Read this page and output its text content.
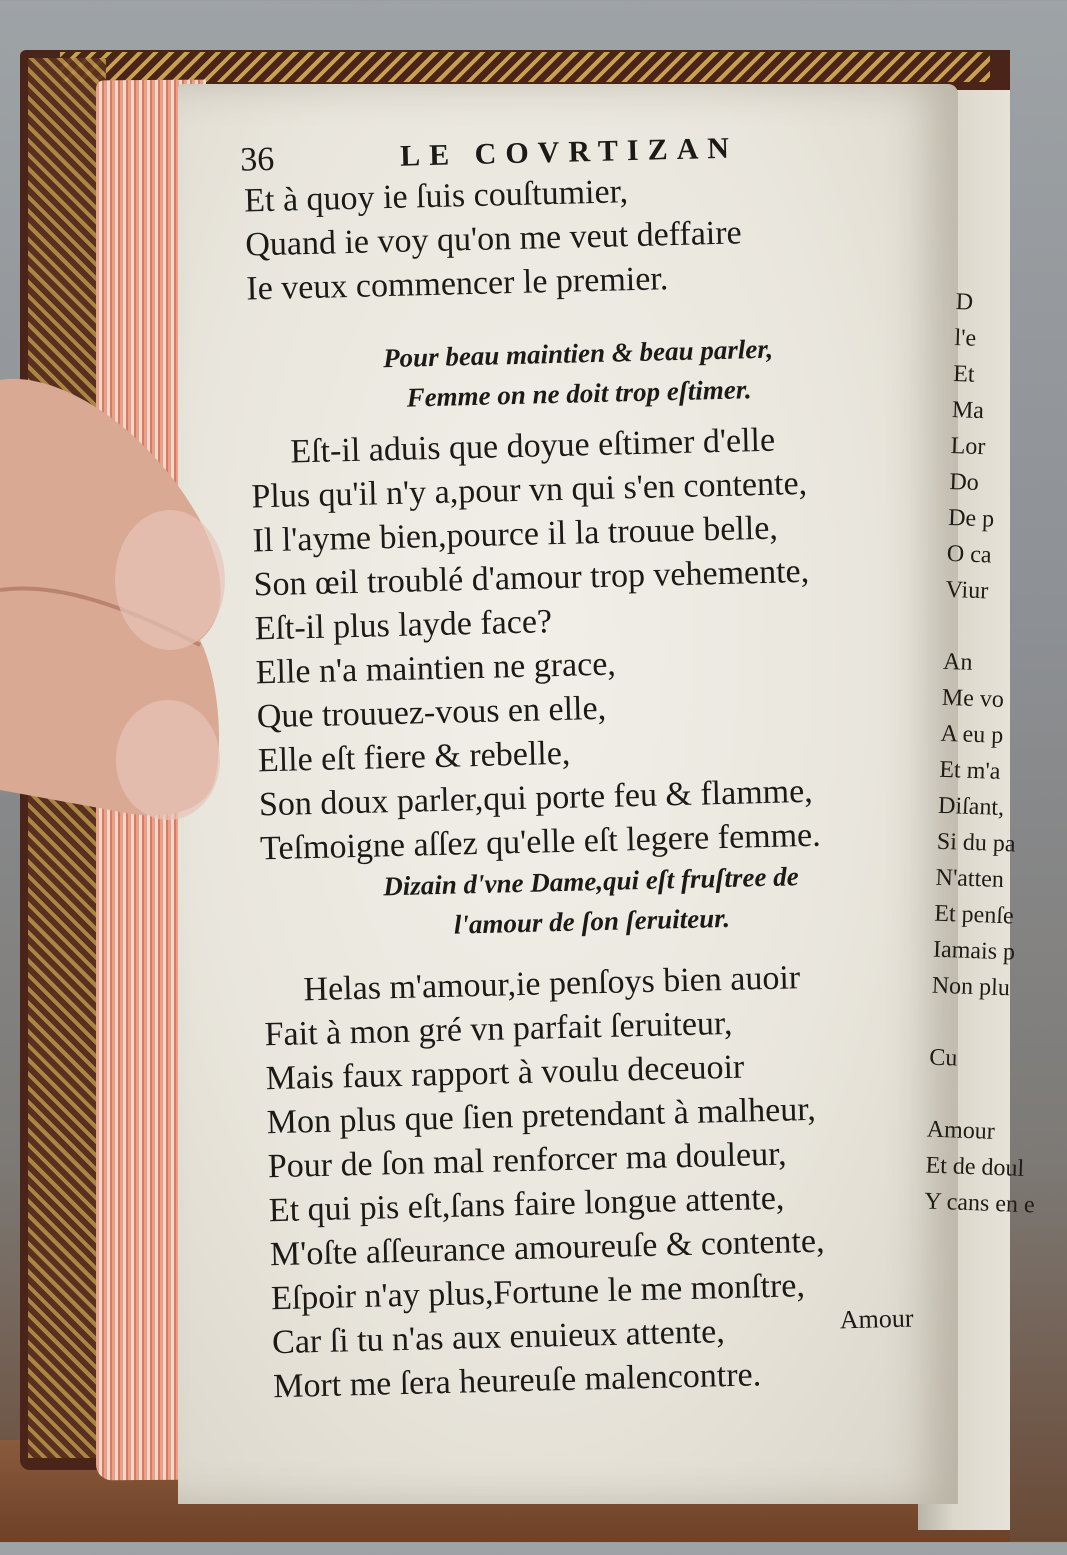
D
l'e
Et
Ma
Lor
Do
De p
O ca
Viur

An
Me vo
A eu p
Et m'a
Diſant,
Si du pa
N'atten
Et penſe
Iamais p
Non plu

Cu

Amour
Et de doul
Y cans en e
36	LE COVRTIZAN
Et à quoy ie ſuis couſtumier,
Quand ie voy qu'on me veut deffaire
Ie veux commencer le premier.
Pour beau maintien & beau parler,
Femme on ne doit trop eſtimer.
Eſt-il aduis que doyue eſtimer d'elle
Plus qu'il n'y a,pour vn qui s'en contente,
Il l'ayme bien,pource il la trouue belle,
Son œil troublé d'amour trop vehemente,
Eſt-il plus layde face?
Elle n'a maintien ne grace,
Que trouuez-vous en elle,
Elle eſt fiere & rebelle,
Son doux parler,qui porte feu & flamme,
Teſmoigne aſſez qu'elle eſt legere femme.
Dizain d'vne Dame,qui eſt fruſtree de
l'amour de ſon ſeruiteur.
Helas m'amour,ie penſoys bien auoir
Fait à mon gré vn parfait ſeruiteur,
Mais faux rapport à voulu deceuoir
Mon plus que ſien pretendant à malheur,
Pour de ſon mal renforcer ma douleur,
Et qui pis eſt,ſans faire longue attente,
M'oſte aſſeurance amoureuſe & contente,
Eſpoir n'ay plus,Fortune le me monſtre,
Car ſi tu n'as aux enuieux attente,
Mort me ſera heureuſe malencontre.
Amour
